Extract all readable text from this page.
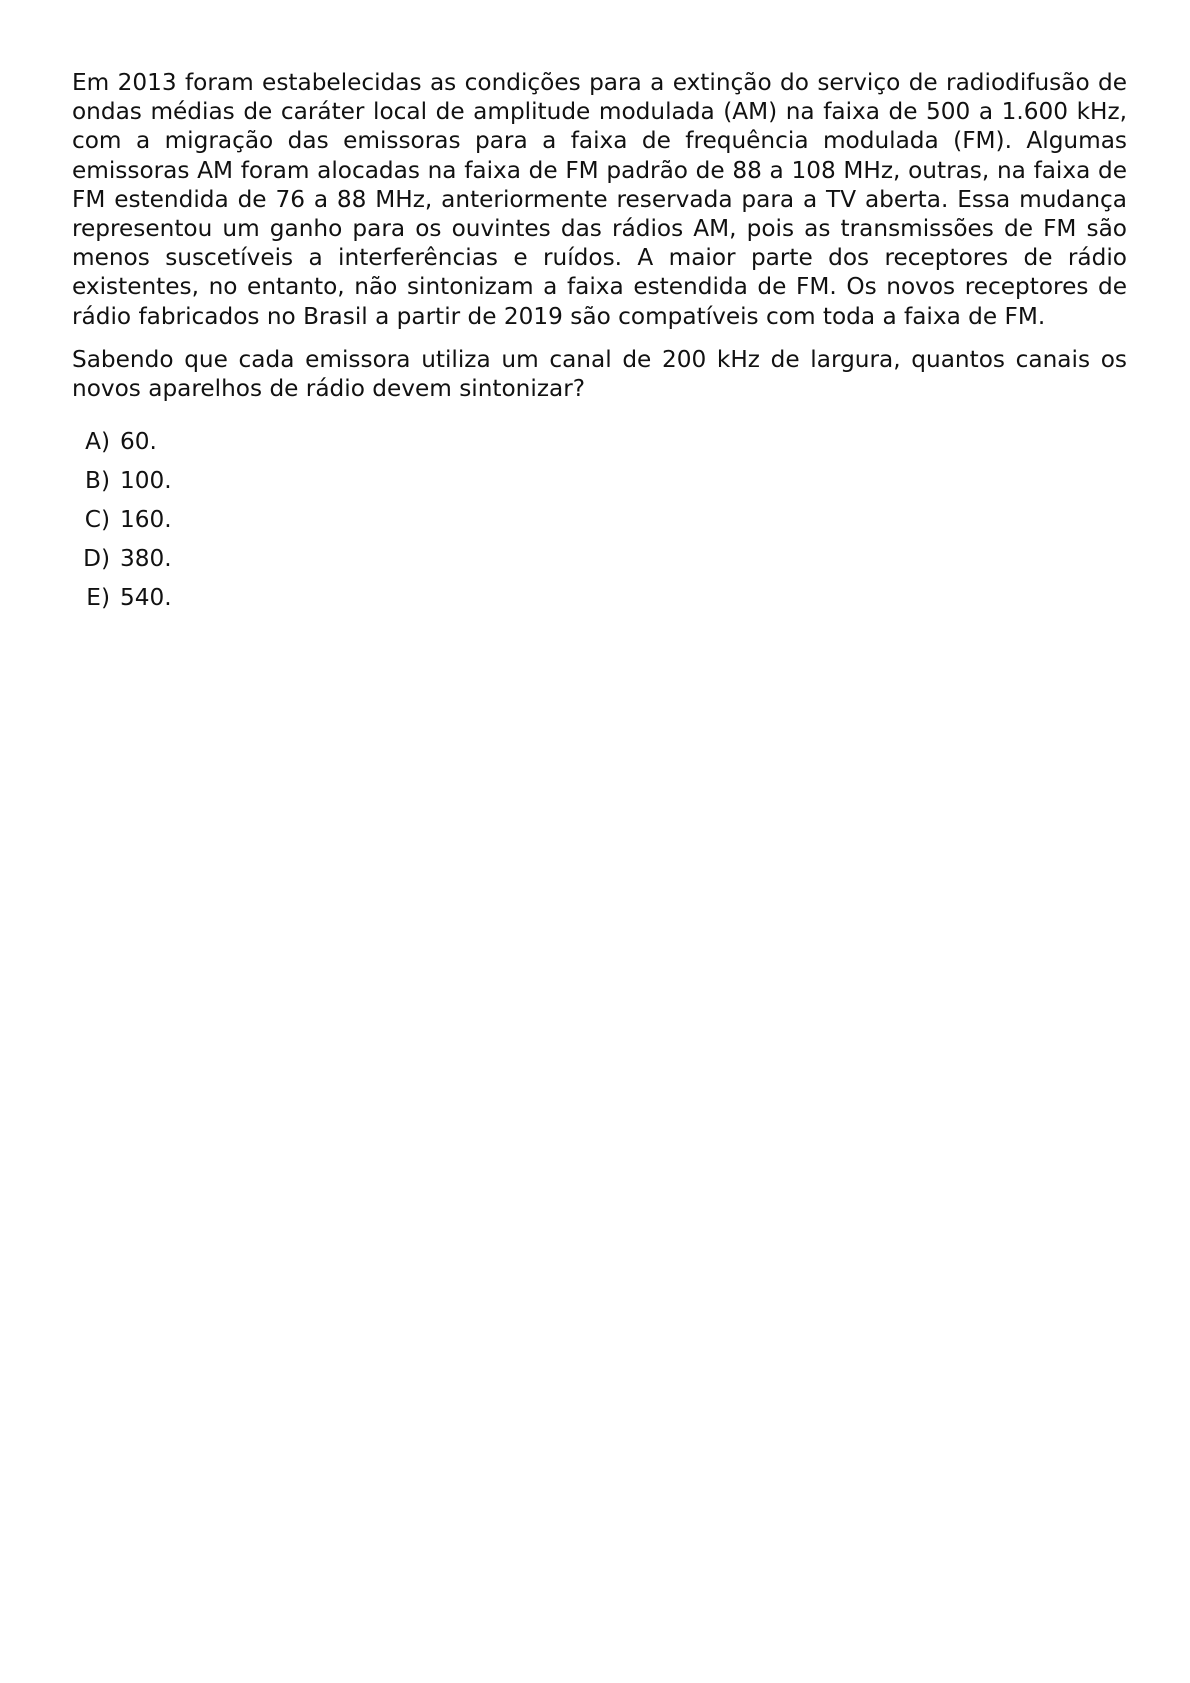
Em 2013 foram estabelecidas as condições para a extinção do serviço de radiodifusão de ondas médias de caráter local de amplitude modulada (AM) na faixa de 500 a 1.600 kHz, com a migração das emissoras para a faixa de frequência modulada (FM). Algumas emissoras AM foram alocadas na faixa de FM padrão de 88 a 108 MHz, outras, na faixa de FM estendida de 76 a 88 MHz, anteriormente reservada para a TV aberta. Essa mudança representou um ganho para os ouvintes das rádios AM, pois as transmissões de FM são menos suscetíveis a interferências e ruídos. A maior parte dos receptores de rádio existentes, no entanto, não sintonizam a faixa estendida de FM. Os novos receptores de rádio fabricados no Brasil a partir de 2019 são compatíveis com toda a faixa de FM.

Sabendo que cada emissora utiliza um canal de 200 kHz de largura, quantos canais os novos aparelhos de rádio devem sintonizar?

A) 60.
B) 100.
C) 160.
D) 380.
E) 540.
